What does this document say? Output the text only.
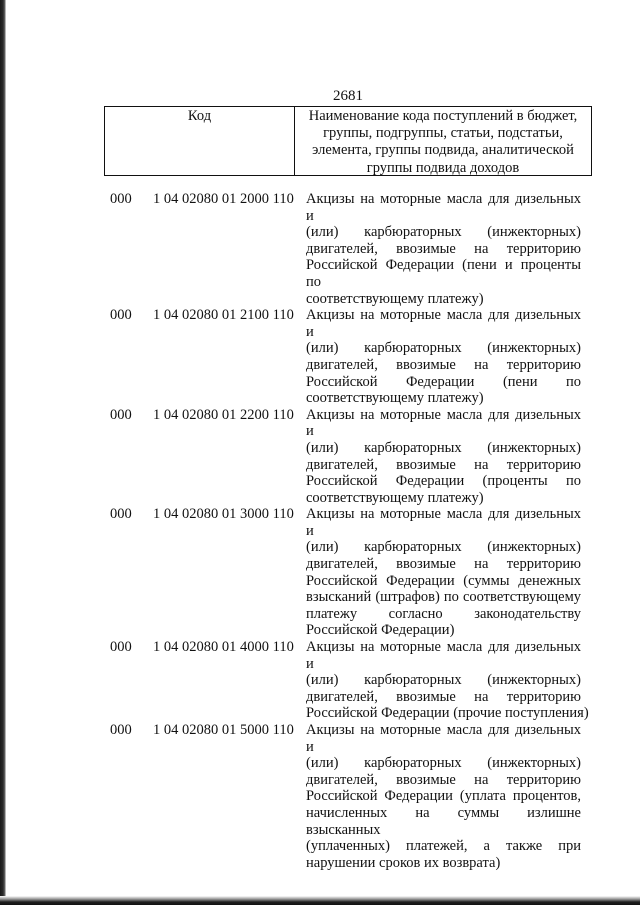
2681
Код	Наименование кода поступлений в бюджет,
группы, подгруппы, статьи, подстатьи,
элемента, группы подвида, аналитической
группы подвида доходов
000 1 04 02080 01 2000 110 Акцизы на моторные масла для дизельных и
(или) карбюраторных (инжекторных)
двигателей, ввозимые на территорию
Российской Федерации (пени и проценты по
соответствующему платежу)
000 1 04 02080 01 2100 110 Акцизы на моторные масла для дизельных и
(или) карбюраторных (инжекторных)
двигателей, ввозимые на территорию
Российской Федерации (пени по
соответствующему платежу)
000 1 04 02080 01 2200 110 Акцизы на моторные масла для дизельных и
(или) карбюраторных (инжекторных)
двигателей, ввозимые на территорию
Российской Федерации (проценты по
соответствующему платежу)
000 1 04 02080 01 3000 110 Акцизы на моторные масла для дизельных и
(или) карбюраторных (инжекторных)
двигателей, ввозимые на территорию
Российской Федерации (суммы денежных
взысканий (штрафов) по соответствующему
платежу согласно законодательству
Российской Федерации)
000 1 04 02080 01 4000 110 Акцизы на моторные масла для дизельных и
(или) карбюраторных (инжекторных)
двигателей, ввозимые на территорию
Российской Федерации (прочие поступления)
000 1 04 02080 01 5000 110 Акцизы на моторные масла для дизельных и
(или) карбюраторных (инжекторных)
двигателей, ввозимые на территорию
Российской Федерации (уплата процентов,
начисленных на суммы излишне взысканных
(уплаченных) платежей, а также при
нарушении сроков их возврата)
